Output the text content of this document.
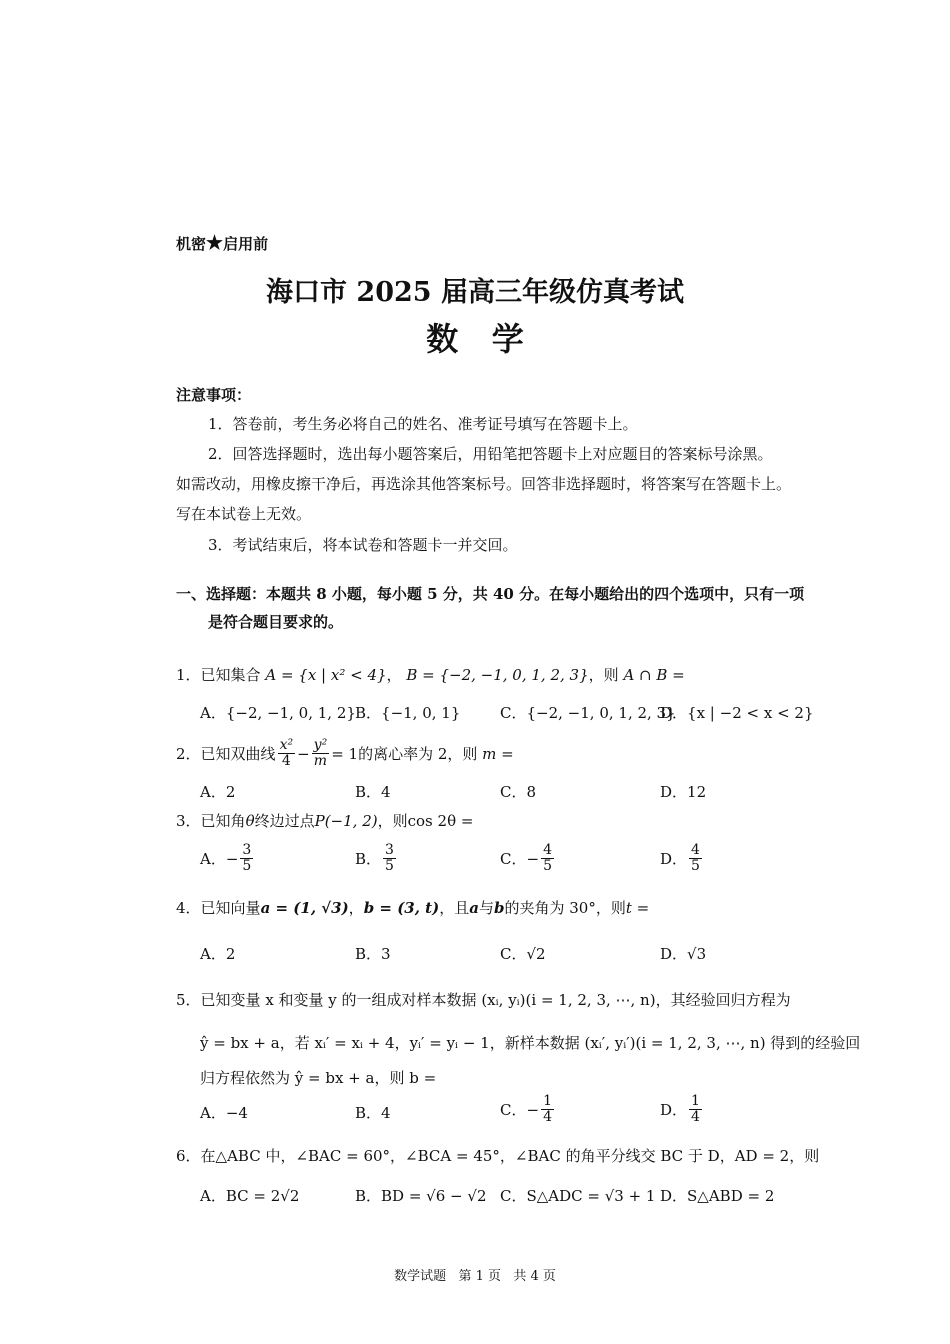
机密★启用前
海口市 2025 届高三年级仿真考试
数   学
注意事项：
1．答卷前，考生务必将自己的姓名、准考证号填写在答题卡上。
2．回答选择题时，选出每小题答案后，用铅笔把答题卡上对应题目的答案标号涂黑。
如需改动，用橡皮擦干净后，再选涂其他答案标号。回答非选择题时，将答案写在答题卡上。
写在本试卷上无效。
3．考试结束后，将本试卷和答题卡一并交回。
一、选择题：本题共 8 小题，每小题 5 分，共 40 分。在每小题给出的四个选项中，只有一项
是符合题目要求的。
1．已知集合 A = {x | x² < 4}， B = {−2, −1, 0, 1, 2, 3}，则 A ∩ B =
A．{−2, −1, 0, 1, 2} B．{−1, 0, 1}	C．{−2, −1, 0, 1, 2, 3}
D．{x | −2 < x < 2}
2． 已知双曲线
x²
$4 - \frac{\text{y²}}{m} = 1$ 的离心率为 2，则
m =
A．2	B．4	C．8	D．12
3．已知角θ终边过点P(−1, 2)，则cos 2θ =
A． − $\frac{3}{5}$	B．
3
5	C． − $\frac{4}{5}$	D．
4
5
4．已知向量a = (1, √3)，b = (3, t)，且a与b的夹角为 30°，则t =
A．2	B．3	C．√2	D．√3
5．已知变量 x 和变量 y 的一组成对样本数据 (xᵢ, yᵢ)(i = 1, 2, 3, ⋯, n)，其经验回归方程为
ŷ = bx + a，若 xᵢ′ = xᵢ + 4，yᵢ′ = yᵢ − 1，新样本数据 (xᵢ′, yᵢ′)(i = 1, 2, 3, ⋯, n) 得到的经验回
归方程依然为 ŷ = bx + a，则 b =
A．−4	B．4	C． − $\frac{1}{4}$	D．
1
4
6．在△ABC 中，∠BAC = 60°，∠BCA = 45°，∠BAC 的角平分线交 BC 于 D，AD = 2，则
A．BC = 2√2	B．BD = √6 − √2 C．S△ADC = √3 + 1 D．S△ABD = 2
数学试题   第 1 页   共 4 页
